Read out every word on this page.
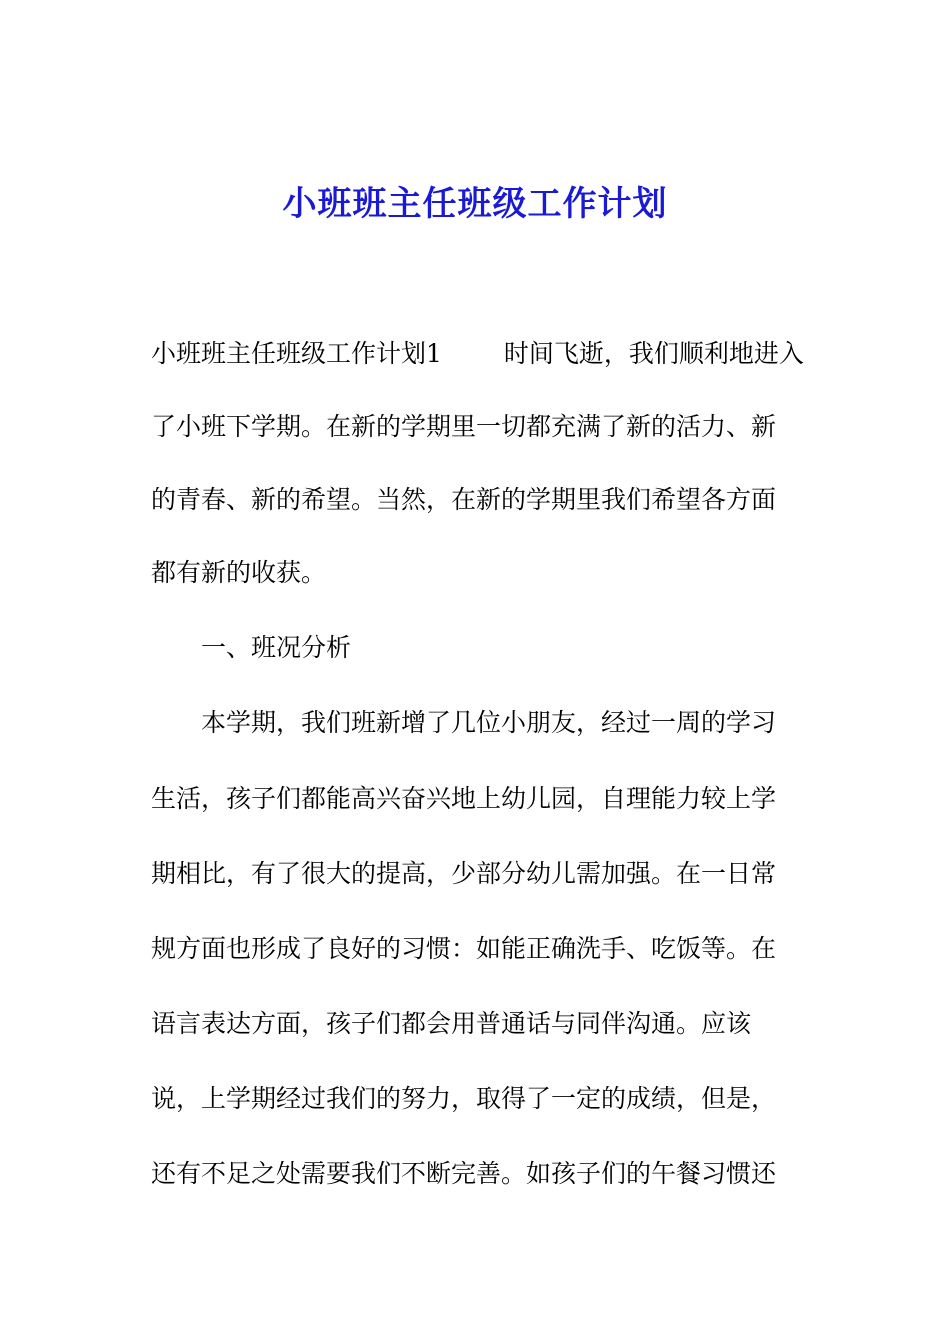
小班班主任班级工作计划
小班班主任班级工作计划1 时间飞逝，我们顺利地进入
了小班下学期。在新的学期里一切都充满了新的活力、新
的青春、新的希望。当然，在新的学期里我们希望各方面
都有新的收获。
一、班况分析
本学期，我们班新增了几位小朋友，经过一周的学习
生活，孩子们都能高兴奋兴地上幼儿园，自理能力较上学
期相比，有了很大的提高，少部分幼儿需加强。在一日常
规方面也形成了良好的习惯：如能正确洗手、吃饭等。在
语言表达方面，孩子们都会用普通话与同伴沟通。应该
说，上学期经过我们的努力，取得了一定的成绩，但是，
还有不足之处需要我们不断完善。如孩子们的午餐习惯还
